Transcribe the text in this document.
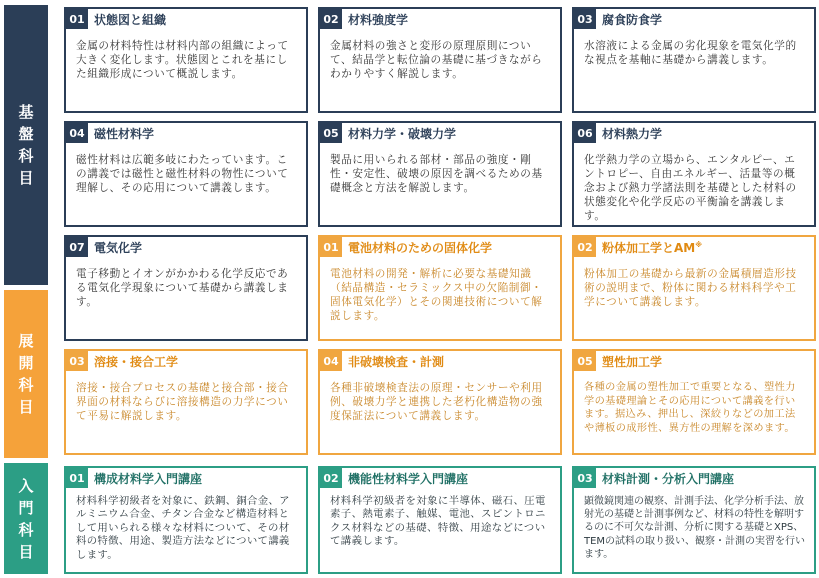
基
盤
科
目
展
開
科
目
入
門
科
目
01 状態図と組織
金属の材料特性は材料内部の組織によって大きく変化します。状態図とこれを基にした組織形成について概説します。
02 材料強度学
金属材料の強さと変形の原理原則について、結晶学と転位論の基礎に基づきながらわかりやすく解説します。
03 腐食防食学
水溶液による金属の劣化現象を電気化学的な視点を基軸に基礎から講義します。
04 磁性材料学
磁性材料は広範多岐にわたっています。この講義では磁性と磁性材料の物性について理解し、その応用について講義します。
05 材料力学・破壊力学
製品に用いられる部材・部品の強度・剛性・安定性、破壊の原因を調べるための基礎概念と方法を解説します。
06 材料熱力学
化学熱力学の立場から、エンタルピー、エントロピー、自由エネルギー、活量等の概念および熱力学諸法則を基礎とした材料の状態変化や化学反応の平衡論を講義します。
07 電気化学
電子移動とイオンがかかわる化学反応である電気化学現象について基礎から講義します。
01 電池材料のための固体化学
電池材料の開発・解析に必要な基礎知識（結晶構造・セラミックス中の欠陥制御・固体電気化学）とその関連技術について解説します。
02 粉体加工学とAM※
粉体加工の基礎から最新の金属積層造形技術の説明まで、粉体に関わる材料科学や工学について講義します。
03 溶接・接合工学
溶接・接合プロセスの基礎と接合部・接合界面の材料ならびに溶接構造の力学について平易に解説します。
04 非破壊検査・計測
各種非破壊検査法の原理・センサーや利用例、破壊力学と連携した老朽化構造物の強度保証法について講義します。
05 塑性加工学
各種の金属の塑性加工で重要となる、塑性力学の基礎理論とその応用について講義を行います。据込み、押出し、深絞りなどの加工法や薄板の成形性、異方性の理解を深めます。
01 構成材料学入門講座
材料科学初級者を対象に、鉄鋼、銅合金、アルミニウム合金、チタン合金など構造材料として用いられる様々な材料について、その材料の特徴、用途、製造方法などについて講義します。
02 機能性材料学入門講座
材料科学初級者を対象に半導体、磁石、圧電素子、熱電素子、触媒、電池、スピントロニクス材料などの基礎、特徴、用途などについて講義します。
03 材料計測・分析入門講座
顕微鏡関連の観察、計測手法、化学分析手法、放射光の基礎と計測事例など、材料の特性を解明するのに不可欠な計測、分析に関する基礎とXPS、TEMの試料の取り扱い、観察・計測の実習を行います。
